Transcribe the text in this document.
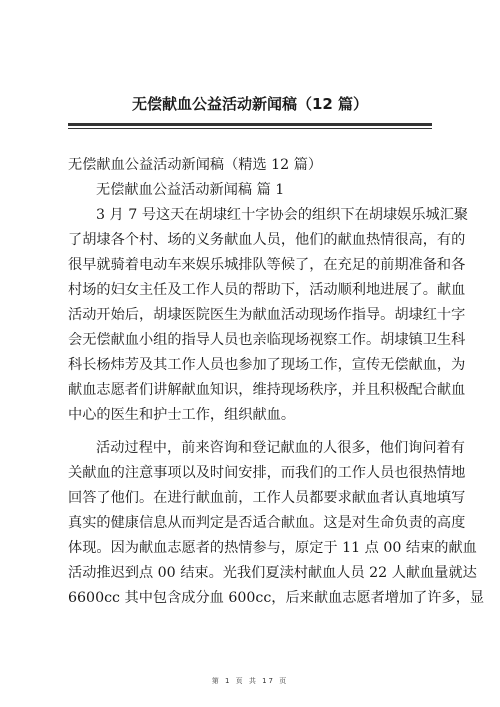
无偿献血公益活动新闻稿（12 篇）
无偿献血公益活动新闻稿（精选 12 篇）
无偿献血公益活动新闻稿 篇 1
3 月 7 号这天在胡埭红十字协会的组织下在胡埭娱乐城汇聚
了胡埭各个村、场的义务献血人员，他们的献血热情很高，有的
很早就骑着电动车来娱乐城排队等候了，在充足的前期准备和各
村场的妇女主任及工作人员的帮助下，活动顺利地进展了。献血
活动开始后，胡埭医院医生为献血活动现场作指导。胡埭红十字
会无偿献血小组的指导人员也亲临现场视察工作。胡埭镇卫生科
科长杨炜芳及其工作人员也参加了现场工作，宣传无偿献血，为
献血志愿者们讲解献血知识，维持现场秩序，并且积极配合献血
中心的医生和护士工作，组织献血。
活动过程中，前来咨询和登记献血的人很多，他们询问着有
关献血的注意事项以及时间安排，而我们的工作人员也很热情地
回答了他们。在进行献血前，工作人员都要求献血者认真地填写
真实的健康信息从而判定是否适合献血。这是对生命负责的高度
体现。因为献血志愿者的热情参与，原定于 11 点 00 结束的献血
活动推迟到点 00 结束。光我们夏渎村献血人员 22 人献血量就达
6600cc 其中包含成分血 600cc，后来献血志愿者增加了许多，显
第 1 页 共 17 页
